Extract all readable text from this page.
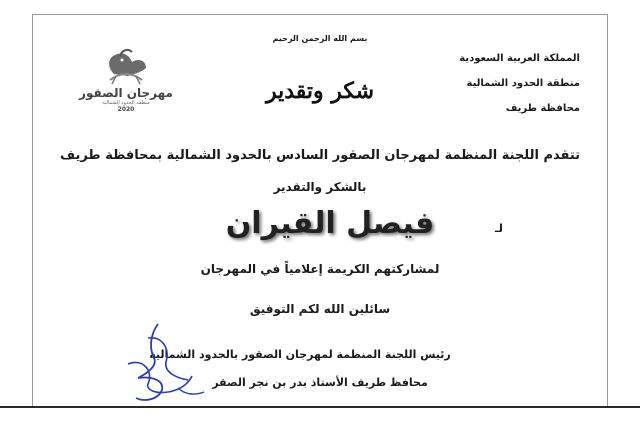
بسم الله الرحمن الرحيم
المملكة العربية السعودية
منطقة الحدود الشمالية
محافظة طريف
شكر وتقدير
مهرجان الصقور
منطقة الحدود الشمالية
2020
تتقدم اللجنة المنظمة لمهرجان الصقور السادس بالحدود الشمالية بمحافظة طريف
بالشكر والتقدير
لـ
فيصل القيران
لمشاركتهم الكريمة إعلامياً في المهرجان
سائلين الله لكم التوفيق
رئيس اللجنة المنظمة لمهرجان الصقور بالحدود الشمالية
محافظ طريف الأستاذ بدر بن نجر الصقر
